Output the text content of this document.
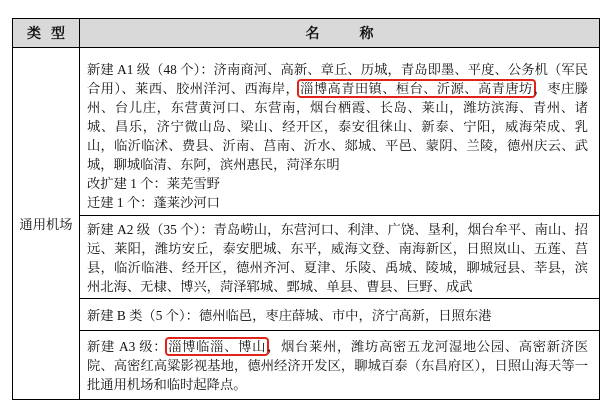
类型	名称
通用机场
新建 A1 级（48 个）：济南商河、高新、章丘、历城，青岛即墨、平度、公务机（军民合用）、莱西、胶州洋河、西海岸，淄博高青田镇、桓台、沂源、高青唐坊，枣庄滕州、台儿庄，东营黄河口、东营南，烟台栖霞、长岛、莱山，潍坊滨海、青州、诸城、昌乐，济宁微山岛、梁山、经开区，泰安徂徕山、新泰、宁阳，威海荣成、乳山，临沂临沭、费县、沂南、莒南、沂水、郯城、平邑、蒙阴、兰陵，德州庆云、武城，聊城临清、东阿，滨州惠民，菏泽东明
改扩建 1 个：莱芜雪野
迁建 1 个：蓬莱沙河口
新建 A2 级（35 个）：青岛崂山，东营河口、利津、广饶、垦利，烟台牟平、南山、招远、莱阳，潍坊安丘，泰安肥城、东平，威海文登、南海新区，日照岚山、五莲、莒县，临沂临港、经开区，德州齐河、夏津、乐陵、禹城、陵城，聊城冠县、莘县，滨州北海、无棣、博兴，菏泽郓城、鄄城、单县、曹县、巨野、成武
新建 B 类（5 个）：德州临邑，枣庄薛城、市中，济宁高新，日照东港
新建 A3 级：淄博临淄、博山，烟台莱州，潍坊高密五龙河湿地公园、高密新济医院、高密红高粱影视基地，德州经济开发区，聊城百泰（东昌府区），日照山海天等一批通用机场和临时起降点。
